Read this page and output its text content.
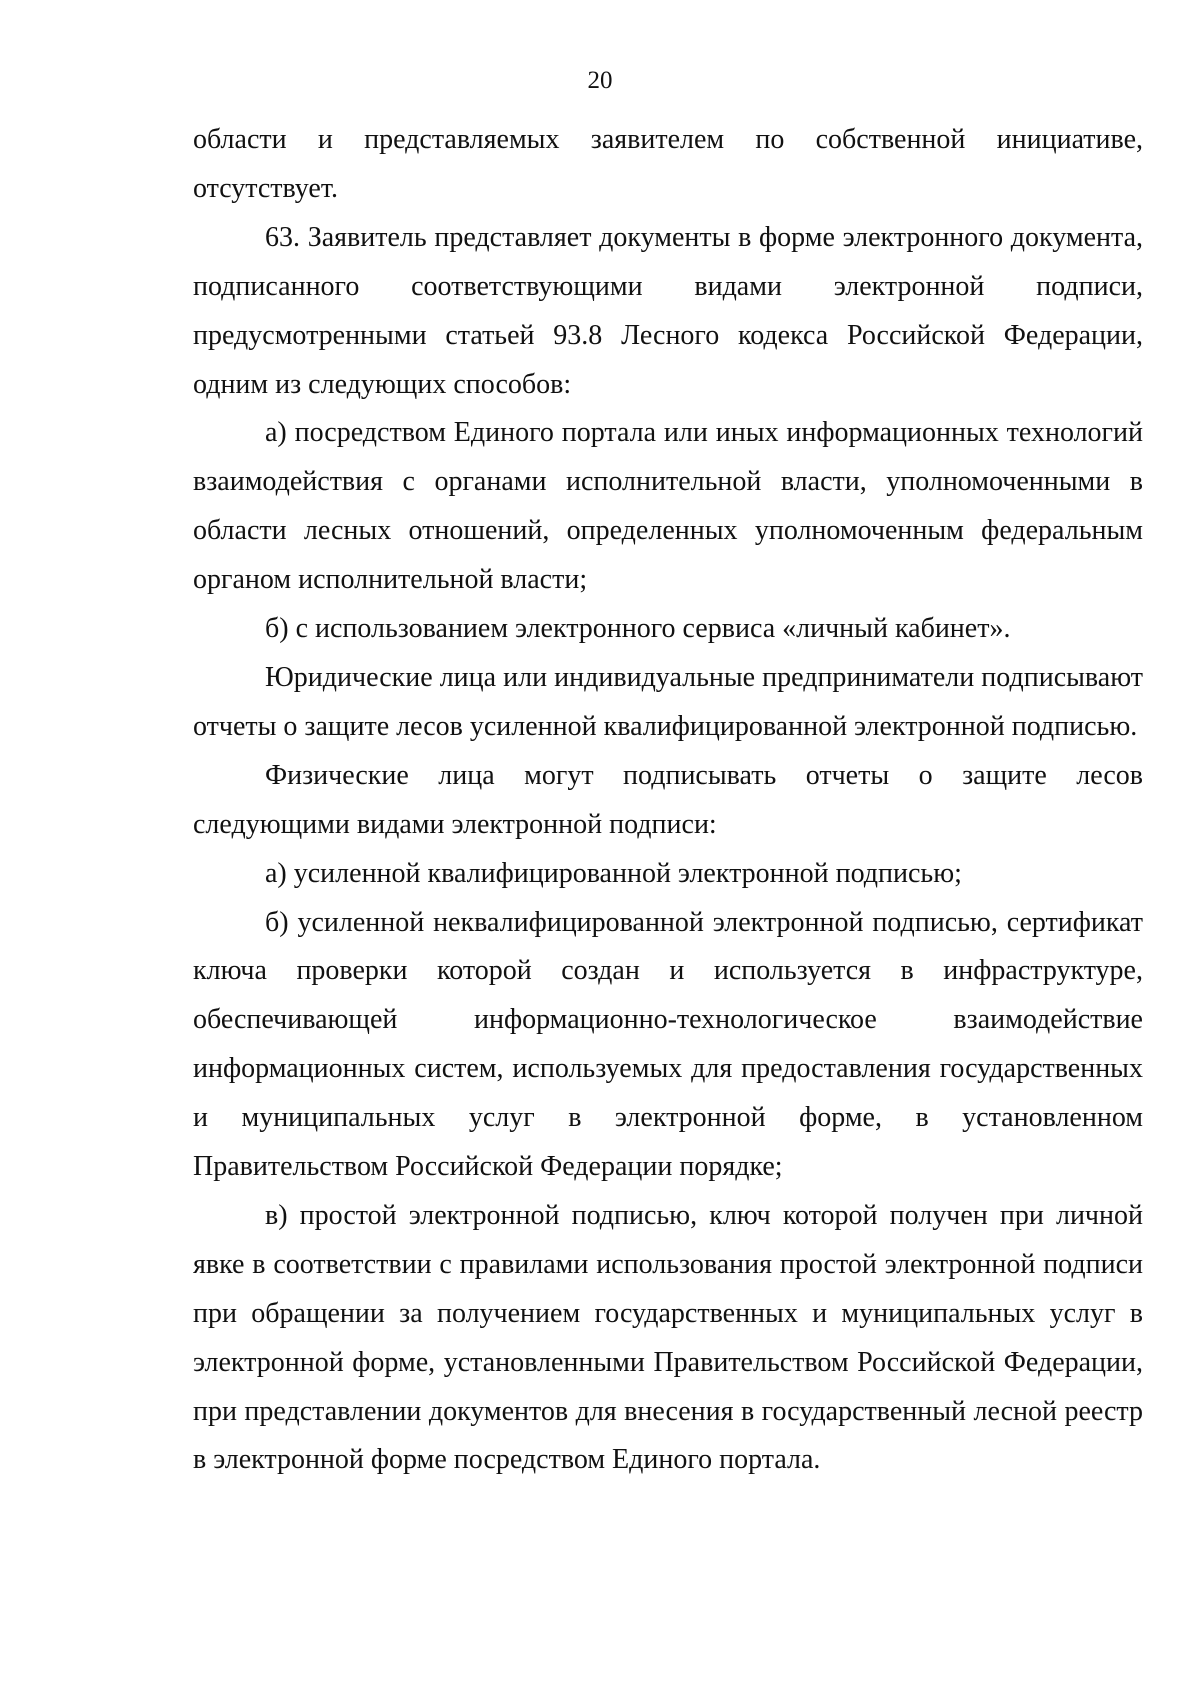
20

области и представляемых заявителем по собственной инициативе, отсутствует.

63. Заявитель представляет документы в форме электронного документа, подписанного соответствующими видами электронной подписи, предусмотренными статьей 93.8 Лесного кодекса Российской Федерации, одним из следующих способов:

а) посредством Единого портала или иных информационных технологий взаимодействия с органами исполнительной власти, уполномоченными в области лесных отношений, определенных уполномоченным федеральным органом исполнительной власти;

б) с использованием электронного сервиса «личный кабинет».

Юридические лица или индивидуальные предприниматели подписывают отчеты о защите лесов усиленной квалифицированной электронной подписью.

Физические лица могут подписывать отчеты о защите лесов следующими видами электронной подписи:

а) усиленной квалифицированной электронной подписью;

б) усиленной неквалифицированной электронной подписью, сертификат ключа проверки которой создан и используется в инфраструктуре, обеспечивающей информационно-технологическое взаимодействие информационных систем, используемых для предоставления государственных и муниципальных услуг в электронной форме, в установленном Правительством Российской Федерации порядке;

в) простой электронной подписью, ключ которой получен при личной явке в соответствии с правилами использования простой электронной подписи при обращении за получением государственных и муниципальных услуг в электронной форме, установленными Правительством Российской Федерации, при представлении документов для внесения в государственный лесной реестр в электронной форме посредством Единого портала.
